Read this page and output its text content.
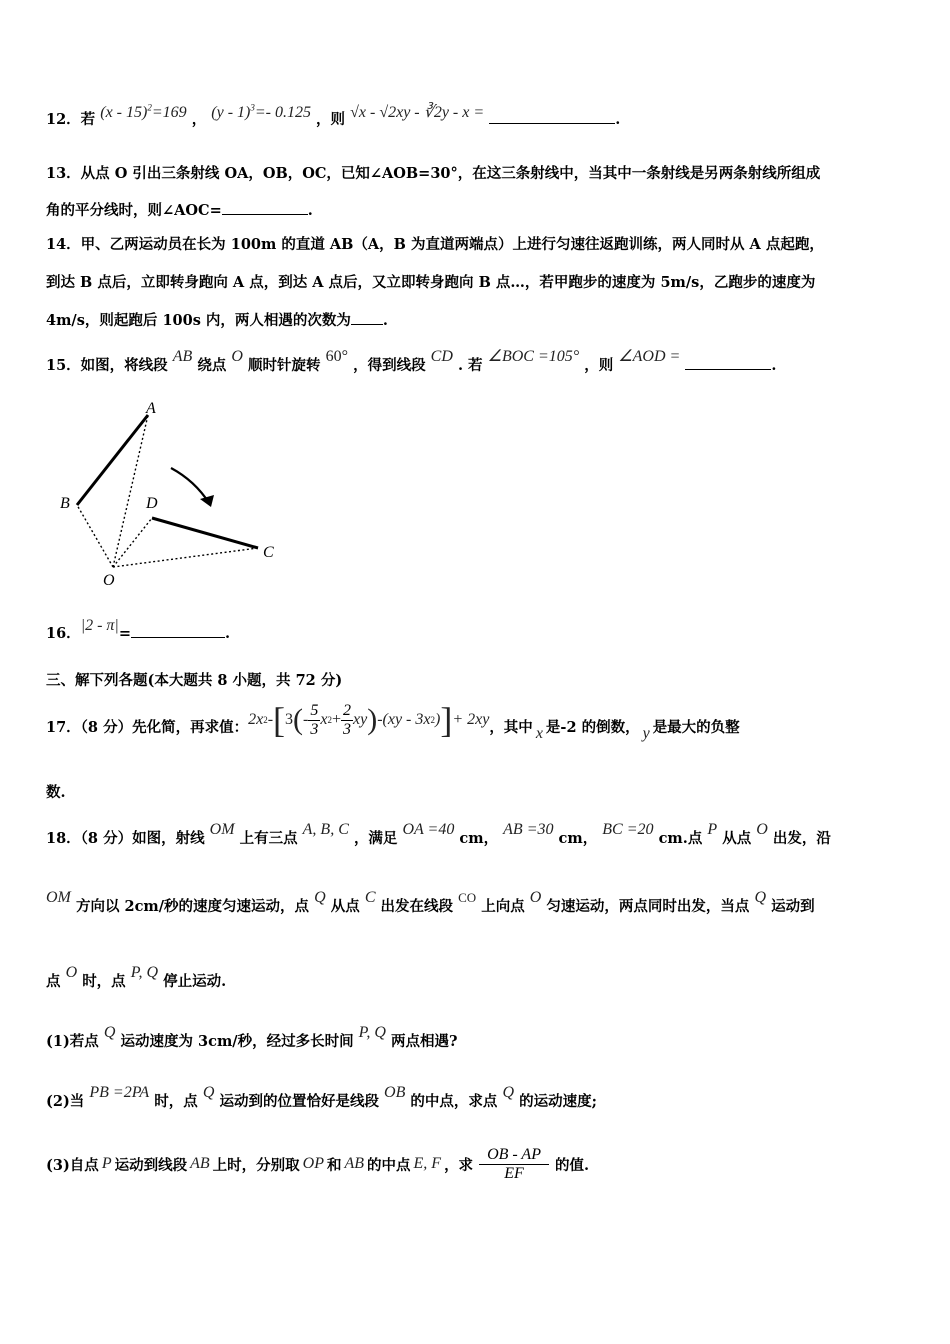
12．若 (x - 15)$^2$=169 ， (y - 1)$^3$=- 0.125 ，则 √x - √2xy - ∛2y - x =	.
13．从点 O 引出三条射线 OA，OB，OC，已知∠AOB=30°，在这三条射线中，当其中一条射线是另两条射线所组成
角的平分线时，则∠AOC=	.
14．甲、乙两运动员在长为 100m 的直道 AB（A，B 为直道两端点）上进行匀速往返跑训练，两人同时从 A 点起跑，
到达 B 点后，立即转身跑向 A 点，到达 A 点后，又立即转身跑向 B 点…，若甲跑步的速度为 5m/s，乙跑步的速度为
4m/s，则起跑后 100s 内，两人相遇的次数为 .
15．如图，将线段 AB 绕点 O 顺时针旋转 60° ，得到线段 CD . 若 ∠BOC =105° ，则 ∠AOD = .
A
B	D
C
O
16．|2 - π|=	.
三、解下列各题(本大题共 8 小题，共 72 分)
17．（8 分）先化简，再求值： 2x 2 - [ 3 ( - $\frac{5}{3}$ x $2 + \frac{2}{3}$ xy ) - (xy - 3x 2 ) ] + 2xy ，其中 x 是-2 的倒数， y 是最大的负整
数.
18．（8 分）如图，射线 OM 上有三点 A, B, C ，满足 OA =40 cm， AB =30 cm， BC =20 cm.点 P 从点 O 出发，沿
OM 方向以 2cm/秒的速度匀速运动，点 Q 从点 C 出发在线段 CO 上向点 O 匀速运动，两点同时出发，当点 Q 运动到
点 O 时，点 P, Q 停止运动.
(1)若点 Q 运动速度为 3cm/秒，经过多长时间 P, Q 两点相遇?
(2)当 PB =2PA 时，点 Q 运动到的位置恰好是线段 OB 的中点，求点 Q 的运动速度;
(3)自点 P 运动到线段 AB 上时，分别取 OP 和 AB 的中点 E, F ，求 $\frac{OB - AP}{EF}$ 的值.
